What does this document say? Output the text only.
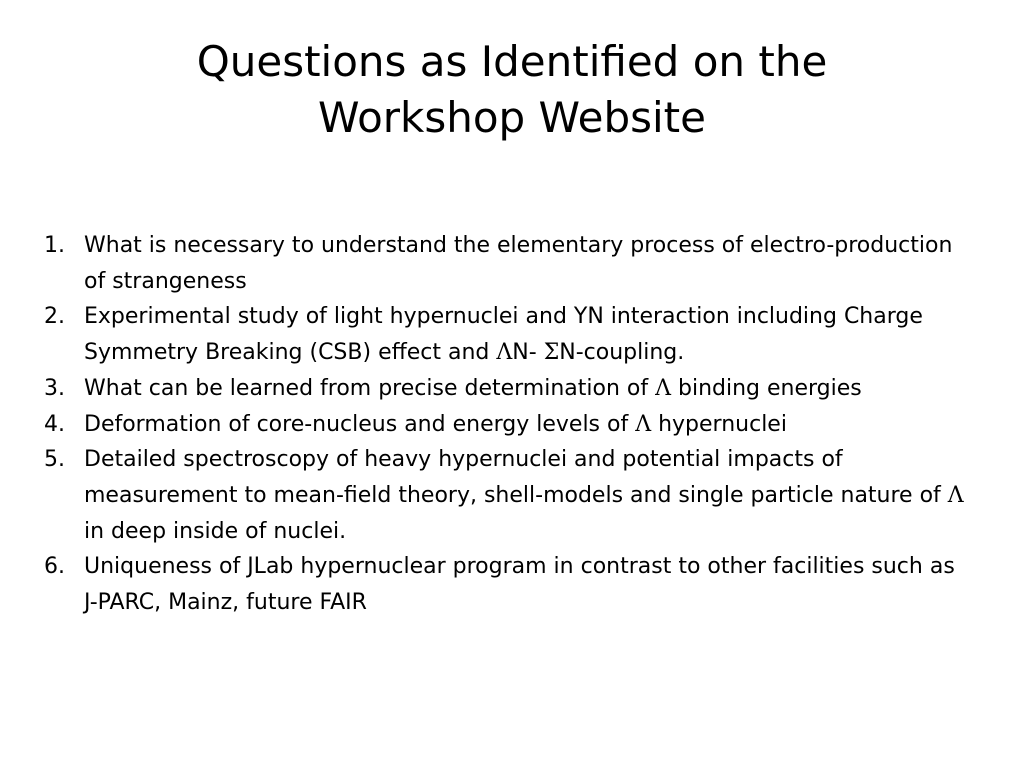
Questions as Identified on the
Workshop Website
1. What is necessary to understand the elementary process of electro-production of strangeness
2. Experimental study of light hypernuclei and YN interaction including Charge Symmetry Breaking (CSB) effect and ΛN- ΣN-coupling.
3. What can be learned from precise determination of Λ binding energies
4. Deformation of core-nucleus and energy levels of Λ hypernuclei
5. Detailed spectroscopy of heavy hypernuclei and potential impacts of measurement to mean-field theory, shell-models and single particle nature of Λ in deep inside of nuclei.
6. Uniqueness of JLab hypernuclear program in contrast to other facilities such as J-PARC, Mainz, future FAIR
